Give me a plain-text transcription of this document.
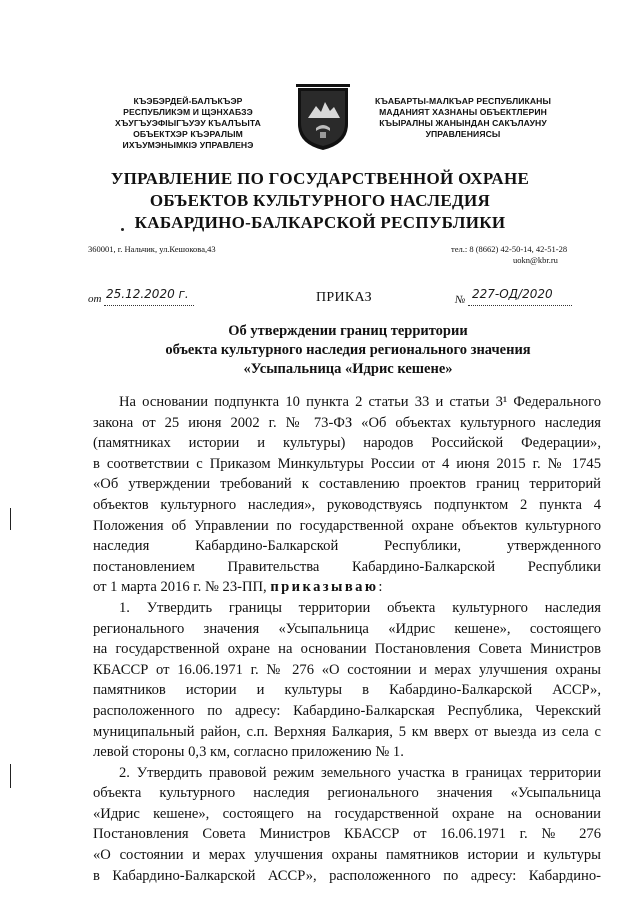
КЪЭБЭРДЕЙ-БАЛЪКЪЭР
РЕСПУБЛИКЭМ И ЩЭНХАБЗЭ
ХЪУГЪУЭФIЫГЪУЭУ КЪАЛЪЫТА
ОБЪЕКТХЭР КЪЭРАЛЫМ
ИХЪУМЭНЫМКIЭ УПРАВЛЕНЭ
КЪАБАРТЫ-МАЛКЪАР РЕСПУБЛИКАНЫ
МАДАНИЯТ ХАЗНАНЫ ОБЪЕКТЛЕРИН
КЪЫРАЛНЫ ЖАНЫНДАН САКЪЛАУНУ
УПРАВЛЕНИЯСЫ
УПРАВЛЕНИЕ ПО ГОСУДАРСТВЕННОЙ ОХРАНЕ
ОБЪЕКТОВ КУЛЬТУРНОГО НАСЛЕДИЯ
КАБАРДИНО-БАЛКАРСКОЙ РЕСПУБЛИКИ
360001, г. Нальчик, ул.Кешокова,43	тел.: 8 (8662) 42-50-14, 42-51-28
uokn@kbr.ru
от 25.12.2020 г.	ПРИКАЗ	№ 227-ОД/2020
Об утверждении границ территории
объекта культурного наследия регионального значения
«Усыпальница «Идрис кешене»
На основании подпункта 10 пункта 2 статьи 33 и статьи 3¹ Федерального
закона от 25 июня 2002 г. № 73-ФЗ «Об объектах культурного наследия
(памятниках истории и культуры) народов Российской Федерации»,
в соответствии с Приказом Минкультуры России от 4 июня 2015 г. № 1745
«Об утверждении требований к составлению проектов границ территорий
объектов культурного наследия», руководствуясь подпунктом 2 пункта 4
Положения об Управлении по государственной охране объектов культурного
наследия Кабардино-Балкарской Республики, утвержденного
постановлением Правительства Кабардино-Балкарской Республики
от 1 марта 2016 г. № 23-ПП, приказываю:
1. Утвердить границы территории объекта культурного наследия
регионального значения «Усыпальница «Идрис кешене», состоящего
на государственной охране на основании Постановления Совета Министров
КБАССР от 16.06.1971 г. № 276 «О состоянии и мерах улучшения охраны
памятников истории и культуры в Кабардино-Балкарской АССР»,
расположенного по адресу: Кабардино-Балкарская Республика, Черекский
муниципальный район, с.п. Верхняя Балкария, 5 км вверх от выезда из села с
левой стороны 0,3 км, согласно приложению № 1.
2. Утвердить правовой режим земельного участка в границах территории
объекта культурного наследия регионального значения «Усыпальница
«Идрис кешене», состоящего на государственной охране на основании
Постановления Совета Министров КБАССР от 16.06.1971 г. № 276
«О состоянии и мерах улучшения охраны памятников истории и культуры
в Кабардино-Балкарской АССР», расположенного по адресу: Кабардино-
